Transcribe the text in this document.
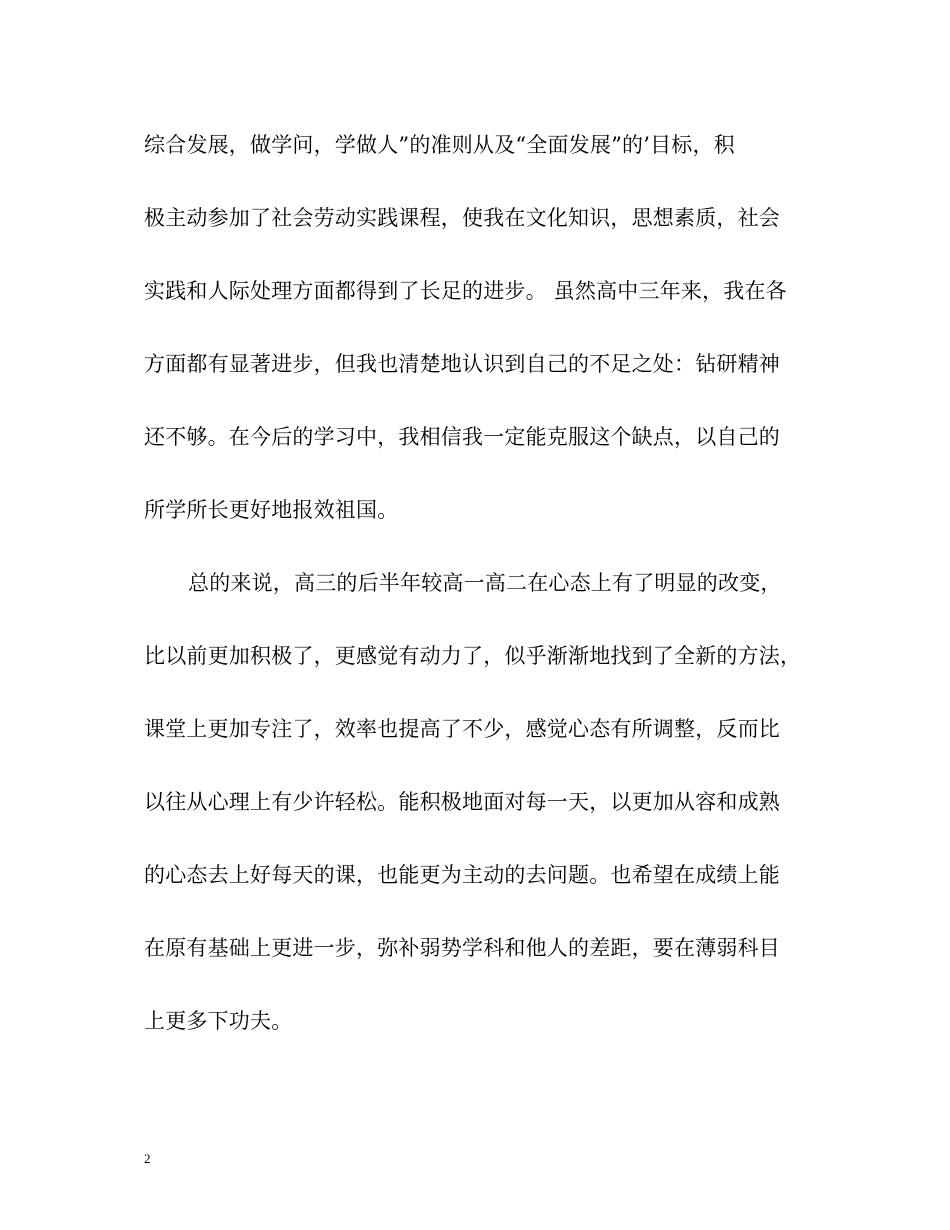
综合发展，做学问，学做人”的准则从及“全面发展”的’目标，积
极主动参加了社会劳动实践课程，使我在文化知识，思想素质，社会
实践和人际处理方面都得到了长足的进步。 虽然高中三年来，我在各
方面都有显著进步，但我也清楚地认识到自己的不足之处：钻研精神
还不够。在今后的学习中，我相信我一定能克服这个缺点，以自己的
所学所长更好地报效祖国。
总的来说，高三的后半年较高一高二在心态上有了明显的改变，
比以前更加积极了，更感觉有动力了，似乎渐渐地找到了全新的方法，
课堂上更加专注了，效率也提高了不少，感觉心态有所调整，反而比
以往从心理上有少许轻松。能积极地面对每一天，以更加从容和成熟
的心态去上好每天的课，也能更为主动的去问题。也希望在成绩上能
在原有基础上更进一步，弥补弱势学科和他人的差距，要在薄弱科目
上更多下功夫。
2
